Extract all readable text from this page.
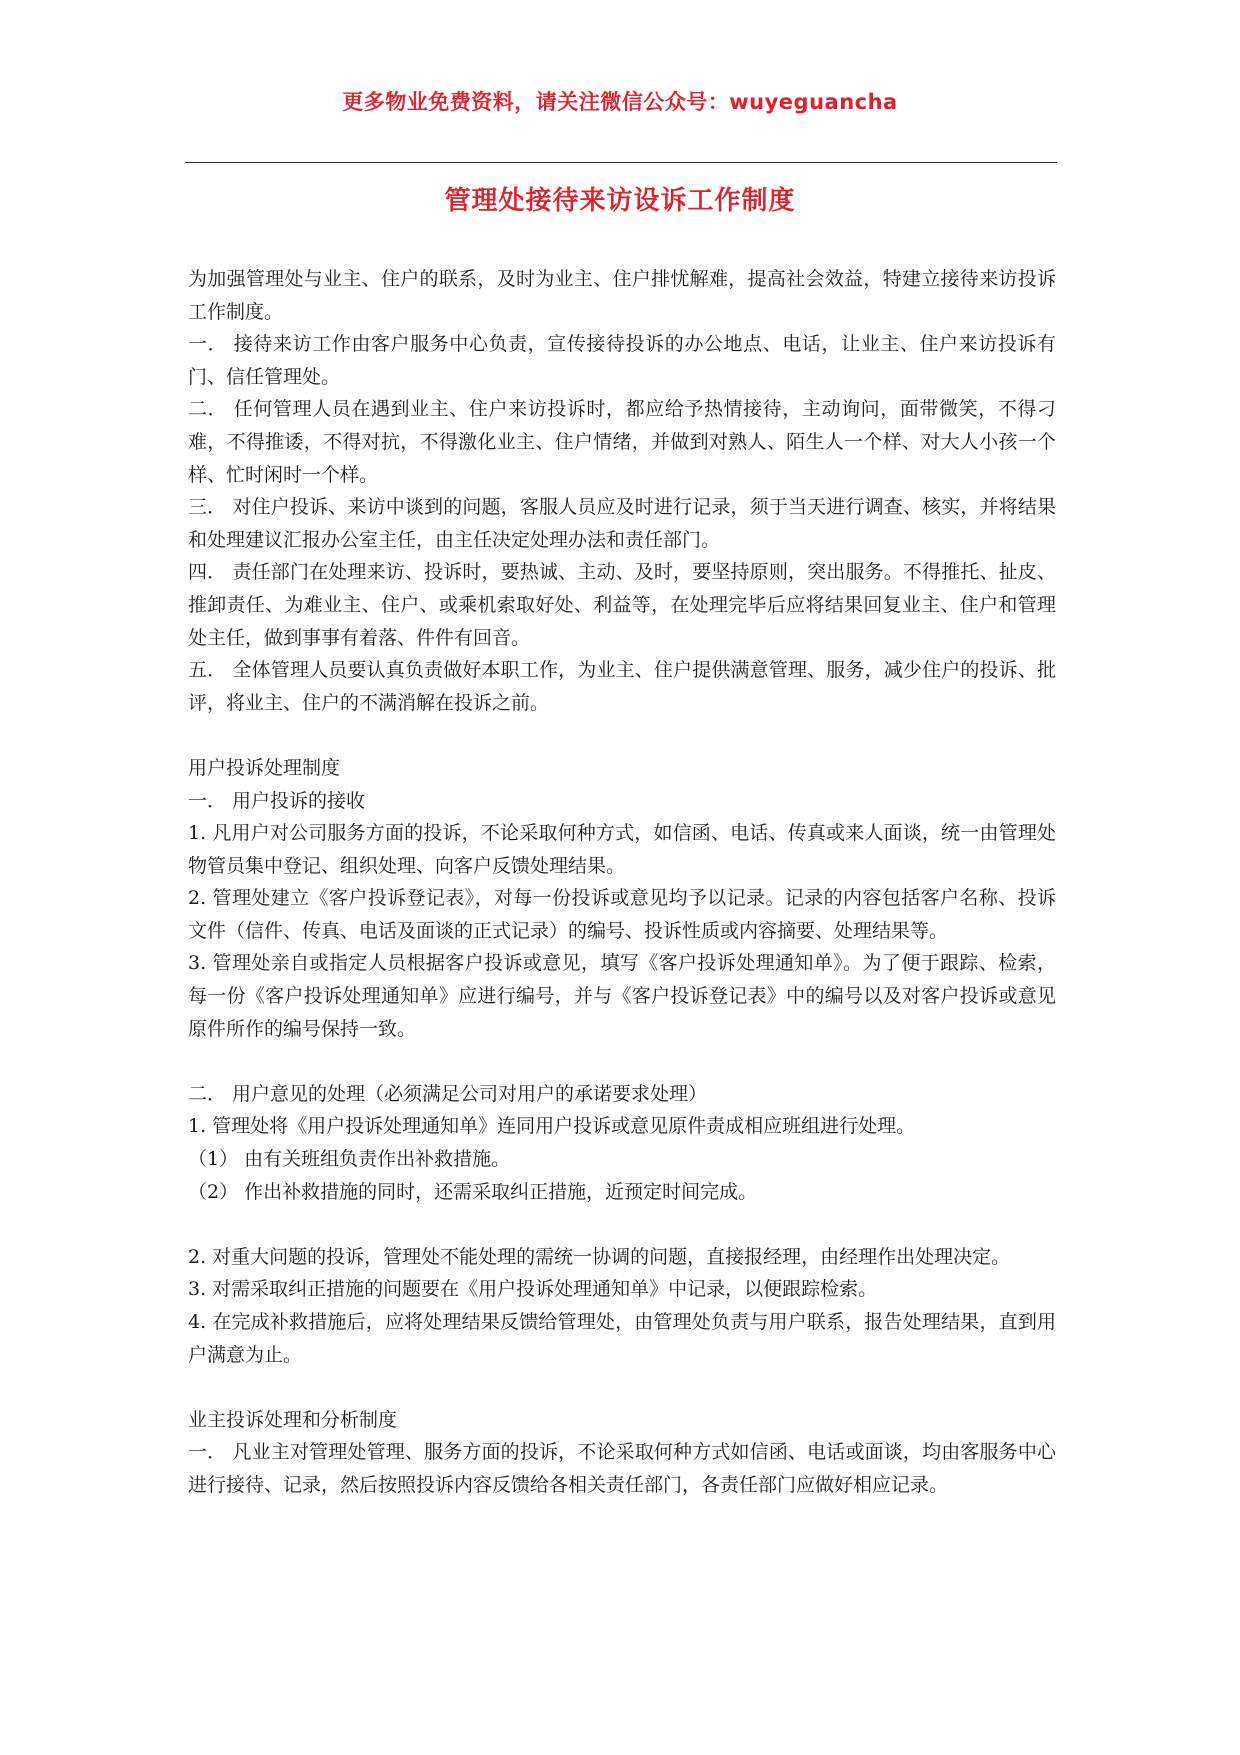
更多物业免费资料，请关注微信公众号：wuyeguancha
管理处接待来访设诉工作制度

为加强管理处与业主、住户的联系，及时为业主、住户排忧解难，提高社会效益，特建立接待来访投诉工作制度。

一． 接待来访工作由客户服务中心负责，宣传接待投诉的办公地点、电话，让业主、住户来访投诉有门、信任管理处。

二． 任何管理人员在遇到业主、住户来访投诉时，都应给予热情接待，主动询问，面带微笑，不得刁难，不得推诿，不得对抗，不得激化业主、住户情绪，并做到对熟人、陌生人一个样、对大人小孩一个样、忙时闲时一个样。

三． 对住户投诉、来访中谈到的问题，客服人员应及时进行记录，须于当天进行调查、核实，并将结果和处理建议汇报办公室主任，由主任决定处理办法和责任部门。

四． 责任部门在处理来访、投诉时，要热诚、主动、及时，要坚持原则，突出服务。不得推托、扯皮、推卸责任、为难业主、住户、或乘机索取好处、利益等，在处理完毕后应将结果回复业主、住户和管理处主任，做到事事有着落、件件有回音。

五． 全体管理人员要认真负责做好本职工作，为业主、住户提供满意管理、服务，减少住户的投诉、批评，将业主、住户的不满消解在投诉之前。

用户投诉处理制度

一． 用户投诉的接收

1. 凡用户对公司服务方面的投诉，不论采取何种方式，如信函、电话、传真或来人面谈，统一由管理处物管员集中登记、组织处理、向客户反馈处理结果。

2. 管理处建立《客户投诉登记表》，对每一份投诉或意见均予以记录。记录的内容包括客户名称、投诉文件（信件、传真、电话及面谈的正式记录）的编号、投诉性质或内容摘要、处理结果等。

3. 管理处亲自或指定人员根据客户投诉或意见，填写《客户投诉处理通知单》。为了便于跟踪、检索，每一份《客户投诉处理通知单》应进行编号，并与《客户投诉登记表》中的编号以及对客户投诉或意见原件所作的编号保持一致。

二． 用户意见的处理（必须满足公司对用户的承诺要求处理）

1. 管理处将《用户投诉处理通知单》连同用户投诉或意见原件责成相应班组进行处理。

（1） 由有关班组负责作出补救措施。

（2） 作出补救措施的同时，还需采取纠正措施，近预定时间完成。

2. 对重大问题的投诉，管理处不能处理的需统一协调的问题，直接报经理，由经理作出处理决定。

3. 对需采取纠正措施的问题要在《用户投诉处理通知单》中记录，以便跟踪检索。

4. 在完成补救措施后，应将处理结果反馈给管理处，由管理处负责与用户联系，报告处理结果，直到用户满意为止。

业主投诉处理和分析制度

一． 凡业主对管理处管理、服务方面的投诉，不论采取何种方式如信函、电话或面谈，均由客服务中心进行接待、记录，然后按照投诉内容反馈给各相关责任部门，各责任部门应做好相应记录。
